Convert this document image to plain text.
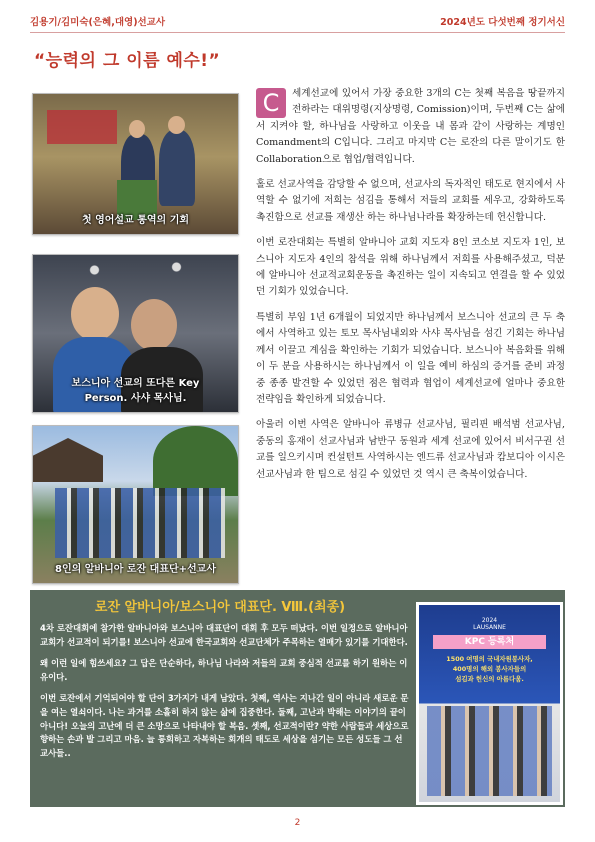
김용기/김미숙(은혜,대영)선교사	2024년도 다섯번째 정기서신
“능력의 그 이름 예수!”
첫 영어설교 통역의 기회
보스니아 선교의 또다른 Key
Person. 사샤 목사님.
8인의 알바니아 로잔 대표단+선교사

C	세계선교에 있어서 가장 중요한 3개의 C는 첫째 복음을 땅끝까지 전하라는 대위명령(지상명령, Comission)이며, 두번째 C는 삶에서 지켜야 할, 하나님을 사랑하고 이웃을 내 몸과 같이 사랑하는 계명인 Comandment의 C입니다. 그리고 마지막 C는 로잔의 다른 말이기도 한 Collaboration으로 협업/협력입니다.

홀로 선교사역을 감당할 수 없으며, 선교사의 독자적인 태도로 현지에서 사역할 수 없기에 저희는 섬김을 통해서 저들의 교회를 세우고, 강화하도록 촉진함으로 선교를 재생산 하는 하나님나라를 확장하는데 헌신합니다.

이번 로잔대회는 특별히 알바니아 교회 지도자 8인 코소보 지도자 1인, 보스니아 지도자 4인의 참석을 위해 하나님께서 저희를 사용해주셨고, 덕분에 알바니아 선교적교회운동을 촉진하는 일이 지속되고 연결을 할 수 있었던 기회가 있었습니다.

특별히 부임 1년 6개월이 되었지만 하나님께서 보스니아 선교의 큰 두 축에서 사역하고 있는 토모 목사님내외와 사샤 목사님을 섬긴 기회는 하나님께서 이끌고 계심을 확인하는 기회가 되었습니다. 보스니아 복음화를 위해 이 두 분을 사용하시는 하나님께서 이 일을 예비 하심의 증거를 준비 과정 중 종종 발견할 수 있었던 점은 협력과 협업이 세계선교에 얼마나 중요한 전략임을 확인하게 되었습니다.

아울러 이번 사역은 알바니아 류병규 선교사님, 필리핀 배석범 선교사님, 중동의 홍재이 선교사님과 남반구 동원과 세계 선교에 있어서 비서구권 선교를 일으키시며 컨설턴트 사역하시는 엔드류 선교사님과 캄보디아 이시은 선교사님과 한 팀으로 섬길 수 있었던 것 역시 큰 축복이었습니다.

로잔 알바니아/보스니아 대표단. Ⅷ.(최종)

4차 로잔대회에 참가한 알바니아와 보스니아 대표단이 대회 후 모두 떠났다. 이번 일정으로 알바니아 교회가 선교적이 되기를! 보스니아 선교에 한국교회와 선교단체가 주목하는 열매가 있기를 기대한다.

왜 이런 일에 힘쓰세요? 그 답은 단순하다, 하나님 나라와 저들의 교회 중심적 선교를 하기 원하는 이유이다.

이번 로잔에서 기억되어야 할 단어 3가지가 내게 남았다. 첫째, 역사는 지나간 일이 아니라 새로운 문을 여는 열쇠이다. 나는 과거를 소홀히 하지 않는 삶에 집중한다. 둘째, 고난과 박해는 이야기의 끝이 아니다! 오늘의 고난에 더 큰 소망으로 나타내야 할 복음. 셋째, 선교적이란? 약한 사람들과 세상으로 향하는 손과 발 그리고 마음. 늘 통회하고 자복하는 회개의 태도로 세상을 섬기는 모든 성도들 그 선교사들..

2024
LAUSANNE
KPC 등록처
1500 여명의 국내자원봉사자,
400명의 해외 봉사자들의
섬김과 헌신의 아름다움.
2
